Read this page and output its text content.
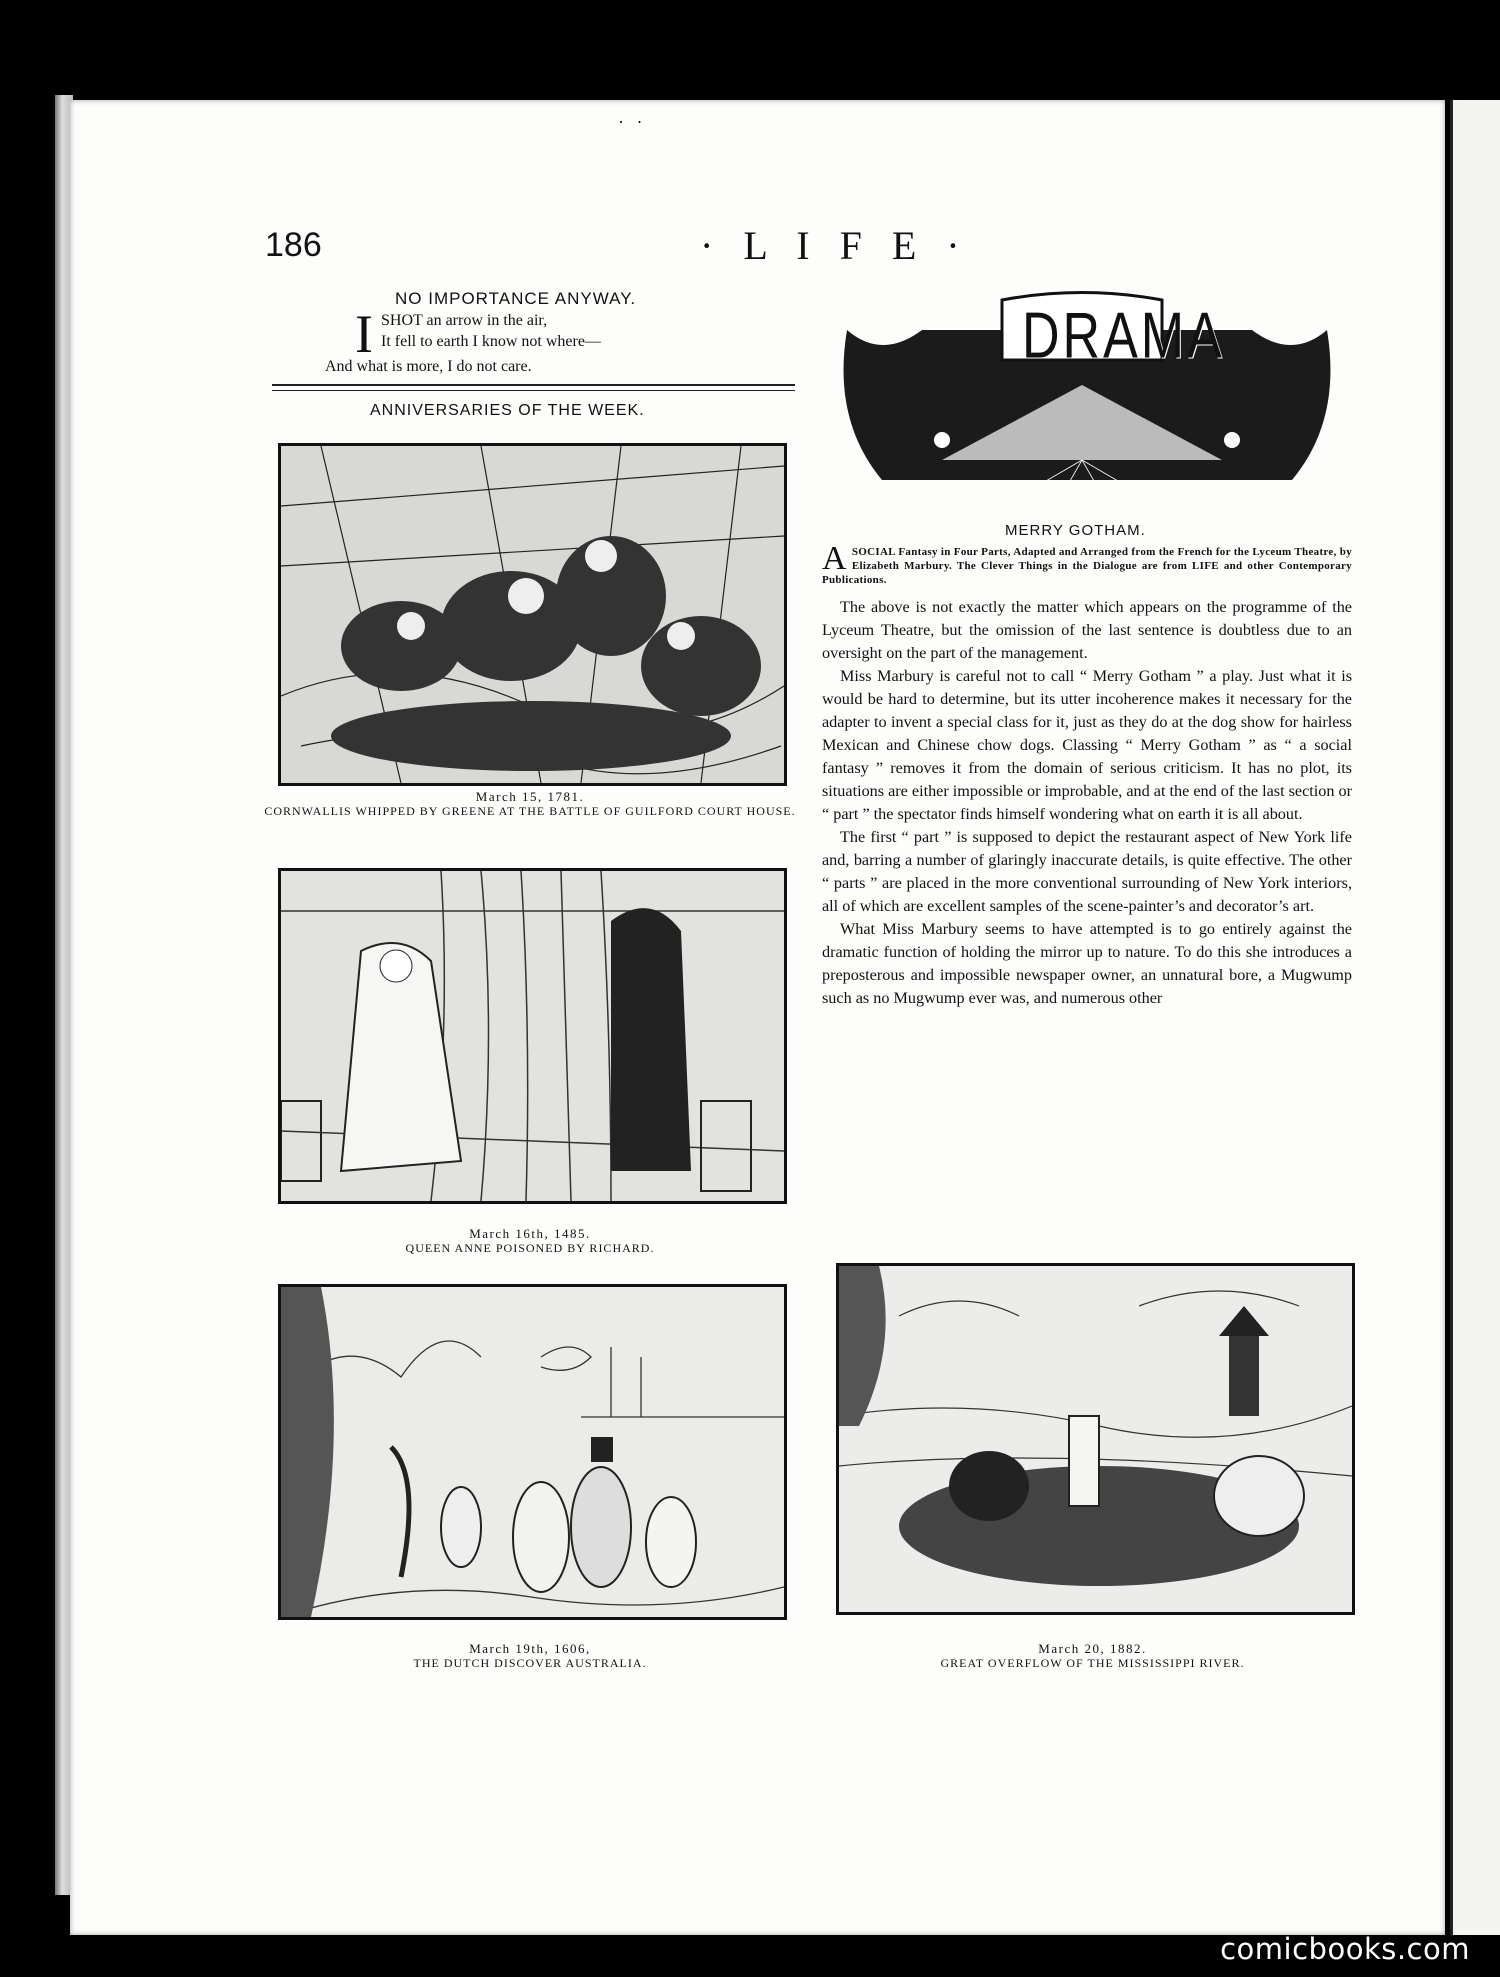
· ·
186	· L I F E ·
NO IMPORTANCE ANYWAY.
I SHOT an arrow in the air,
It fell to earth I know not where—
And what is more, I do not care.
ANNIVERSARIES OF THE WEEK.
March 15, 1781.
CORNWALLIS WHIPPED BY GREENE AT THE BATTLE OF GUILFORD COURT HOUSE.
March 16th, 1485.
QUEEN ANNE POISONED BY RICHARD.
March 19th, 1606,
THE DUTCH DISCOVER AUSTRALIA.
DRAMA
MERRY GOTHAM.
A SOCIAL Fantasy in Four Parts, Adapted and Arranged from the French for the Lyceum Theatre, by Elizabeth Marbury. The Clever Things in the Dialogue are from LIFE and other Contemporary Publications.

The above is not exactly the matter which appears on the programme of the Lyceum Theatre, but the omission of the last sentence is doubtless due to an oversight on the part of the management.

Miss Marbury is careful not to call “ Merry Gotham ” a play. Just what it is would be hard to determine, but its utter incoherence makes it necessary for the adapter to invent a special class for it, just as they do at the dog show for hairless Mexican and Chinese chow dogs. Classing “ Merry Gotham ” as “ a social fantasy ” removes it from the domain of serious criticism. It has no plot, its situations are either impossible or improbable, and at the end of the last section or “ part ” the spectator finds himself wondering what on earth it is all about.

The first “ part ” is supposed to depict the restaurant aspect of New York life and, barring a number of glaringly inaccurate details, is quite effective. The other “ parts ” are placed in the more conventional surrounding of New York interiors, all of which are excellent samples of the scene-painter’s and decorator’s art.

What Miss Marbury seems to have attempted is to go entirely against the dramatic function of holding the mirror up to nature. To do this she introduces a preposterous and impossible newspaper owner, an unnatural bore, a Mugwump such as no Mugwump ever was, and numerous other

March 20, 1882.
GREAT OVERFLOW OF THE MISSISSIPPI RIVER.
comicbooks.com
